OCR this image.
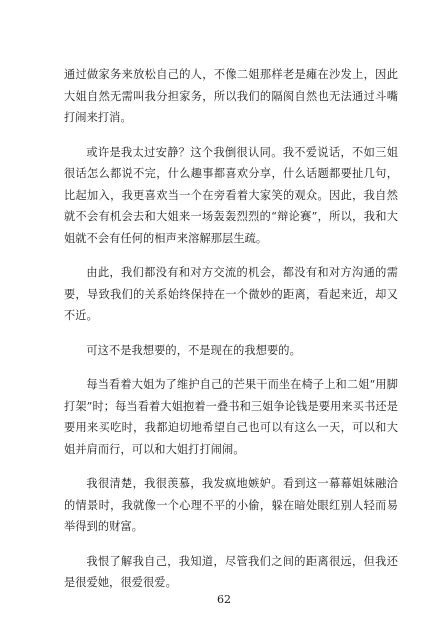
通过做家务来放松自己的人，不像二姐那样老是瘫在沙发上，因此大姐自然无需叫我分担家务，所以我们的隔阂自然也无法通过斗嘴打闹来打消。

或许是我太过安静？这个我倒很认同。我不爱说话，不如三姐很话怎么都说不完，什么趣事都喜欢分享，什么话题都要扯几句，比起加入，我更喜欢当一个在旁看着大家笑的观众。因此，我自然就不会有机会去和大姐来一场轰轰烈烈的“辩论赛”，所以，我和大姐就不会有任何的相声来溶解那层生疏。

由此，我们都没有和对方交流的机会，都没有和对方沟通的需要，导致我们的关系始终保持在一个微妙的距离，看起来近，却又不近。

可这不是我想要的，不是现在的我想要的。

每当看着大姐为了维护自己的芒果干而坐在椅子上和二姐“用脚打架”时；每当看着大姐抱着一叠书和三姐争论钱是要用来买书还是要用来买吃时，我都迫切地希望自己也可以有这么一天，可以和大姐并肩而行，可以和大姐打打闹闹。

我很清楚，我很羡慕，我发疯地嫉妒。看到这一幕幕姐妹融洽的情景时，我就像一个心理不平的小偷，躲在暗处眼红别人轻而易举得到的财富。

我恨了解我自己，我知道，尽管我们之间的距离很远，但我还是很爱她，很爱很爱。

62
